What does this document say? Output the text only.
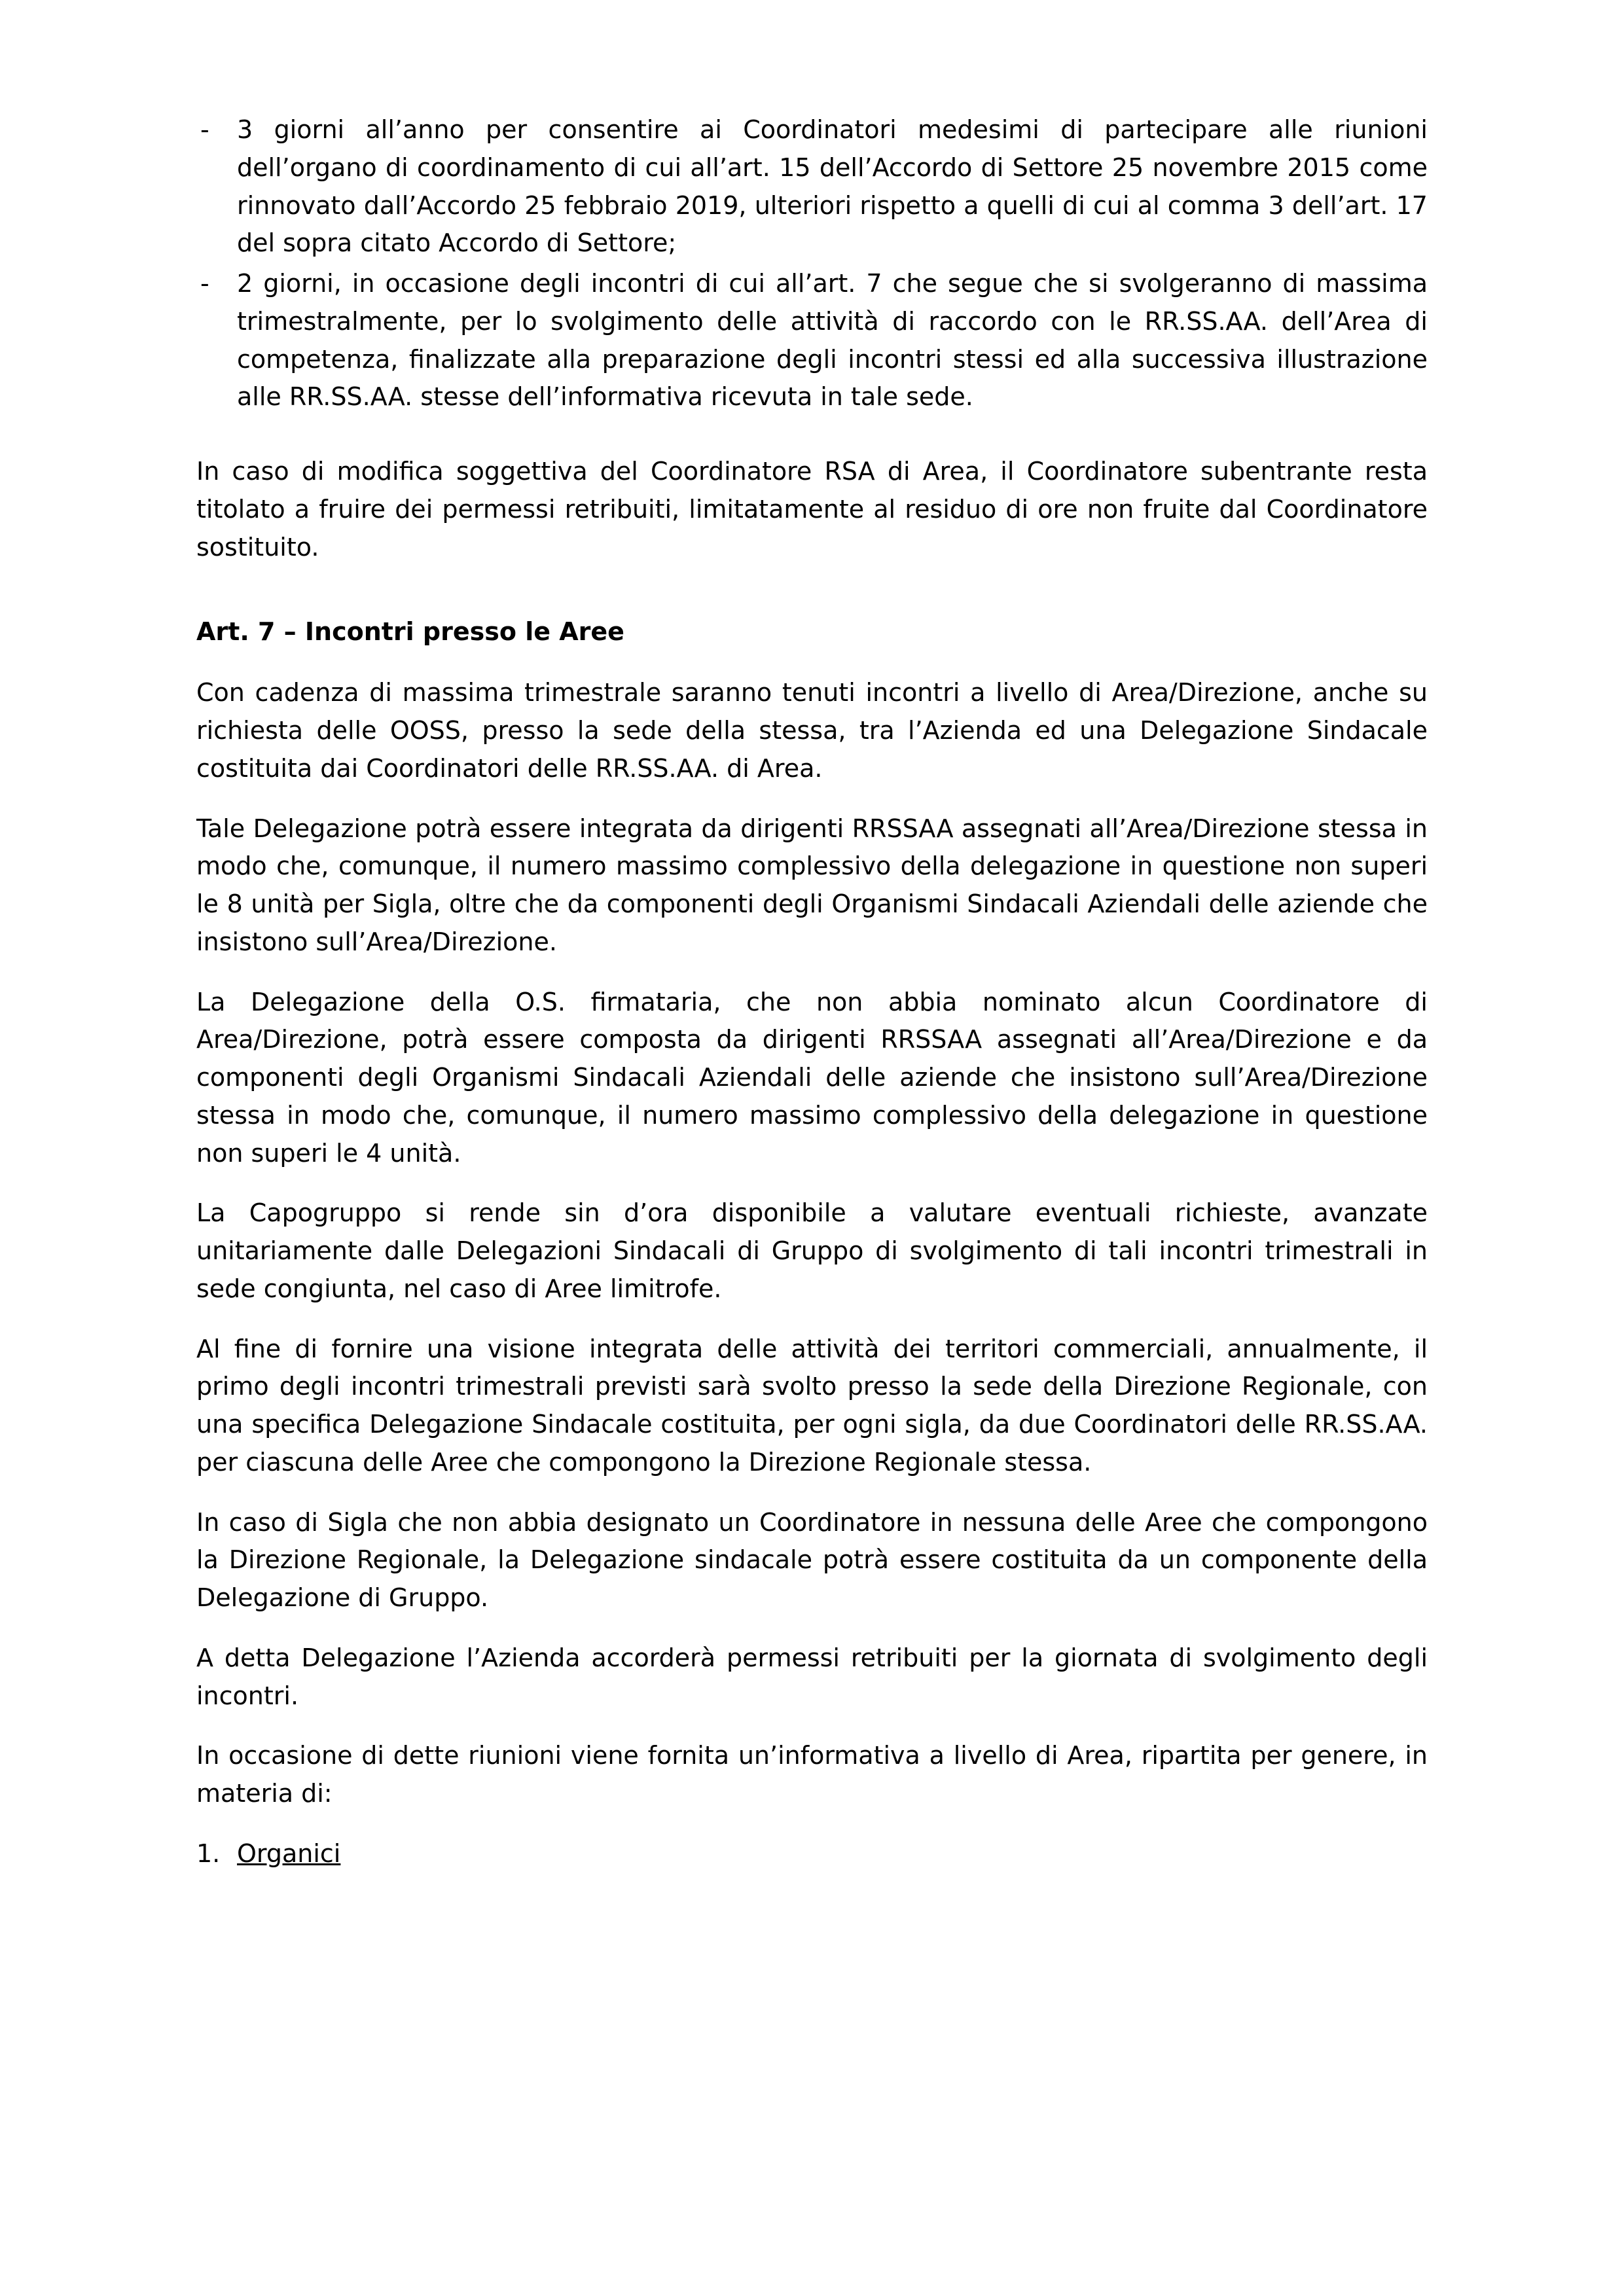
-	3 giorni all’anno per consentire ai Coordinatori medesimi di partecipare alle riunioni dell’organo di coordinamento di cui all’art. 15 dell’Accordo di Settore 25 novembre 2015 come rinnovato dall’Accordo 25 febbraio 2019, ulteriori rispetto a quelli di cui al comma 3 dell’art. 17 del sopra citato Accordo di Settore;
-	2 giorni, in occasione degli incontri di cui all’art. 7 che segue che si svolgeranno di massima trimestralmente, per lo svolgimento delle attività di raccordo con le RR.SS.AA. dell’Area di competenza, finalizzate alla preparazione degli incontri stessi ed alla successiva illustrazione alle RR.SS.AA. stesse dell’informativa ricevuta in tale sede.

In caso di modifica soggettiva del Coordinatore RSA di Area, il Coordinatore subentrante resta titolato a fruire dei permessi retribuiti, limitatamente al residuo di ore non fruite dal Coordinatore sostituito.

Art. 7 – Incontri presso le Aree

Con cadenza di massima trimestrale saranno tenuti incontri a livello di Area/Direzione, anche su richiesta delle OOSS, presso la sede della stessa, tra l’Azienda ed una Delegazione Sindacale costituita dai Coordinatori delle RR.SS.AA. di Area.

Tale Delegazione potrà essere integrata da dirigenti RRSSAA assegnati all’Area/Direzione stessa in modo che, comunque, il numero massimo complessivo della delegazione in questione non superi le 8 unità per Sigla, oltre che da componenti degli Organismi Sindacali Aziendali delle aziende che insistono sull’Area/Direzione.

La Delegazione della O.S. firmataria, che non abbia nominato alcun Coordinatore di Area/Direzione, potrà essere composta da dirigenti RRSSAA assegnati all’Area/Direzione e da componenti degli Organismi Sindacali Aziendali delle aziende che insistono sull’Area/Direzione stessa in modo che, comunque, il numero massimo complessivo della delegazione in questione non superi le 4 unità.

La Capogruppo si rende sin d’ora disponibile a valutare eventuali richieste, avanzate unitariamente dalle Delegazioni Sindacali di Gruppo di svolgimento di tali incontri trimestrali in sede congiunta, nel caso di Aree limitrofe.

Al fine di fornire una visione integrata delle attività dei territori commerciali, annualmente, il primo degli incontri trimestrali previsti sarà svolto presso la sede della Direzione Regionale, con una specifica Delegazione Sindacale costituita, per ogni sigla, da due Coordinatori delle RR.SS.AA. per ciascuna delle Aree che compongono la Direzione Regionale stessa.

In caso di Sigla che non abbia designato un Coordinatore in nessuna delle Aree che compongono la Direzione Regionale, la Delegazione sindacale potrà essere costituita da un componente della Delegazione di Gruppo.

A detta Delegazione l’Azienda accorderà permessi retribuiti per la giornata di svolgimento degli incontri.

In occasione di dette riunioni viene fornita un’informativa a livello di Area, ripartita per genere, in materia di:

1. Organici
